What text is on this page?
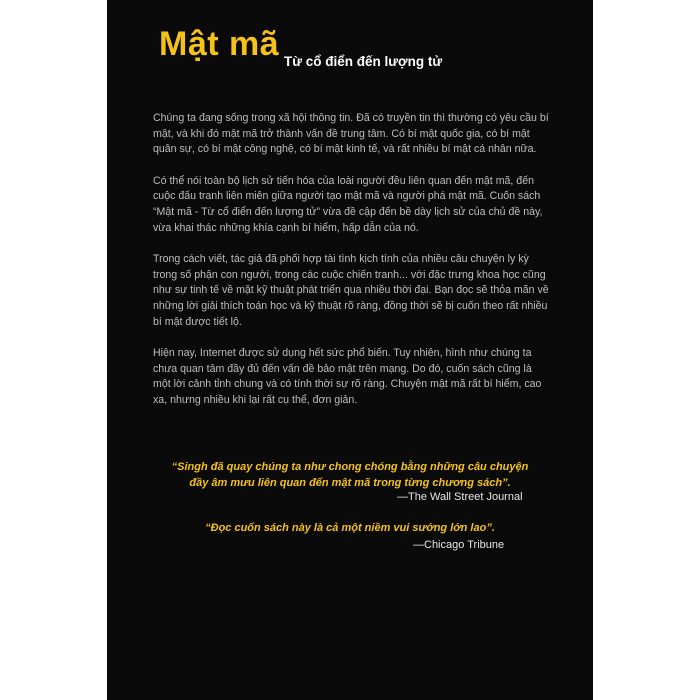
Mật mã Từ cổ điển đến lượng tử

Chúng ta đang sống trong xã hội thông tin. Đã có truyền tin thì thường có yêu cầu bí mật, và khi đó mật mã trở thành vấn đề trung tâm. Có bí mật quốc gia, có bí mật quân sự, có bí mật công nghệ, có bí mật kinh tế, và rất nhiều bí mật cá nhân nữa.

Có thể nói toàn bộ lịch sử tiến hóa của loài người đều liên quan đến mật mã, đến cuộc đấu tranh liên miên giữa người tạo mật mã và người phá mật mã. Cuốn sách “Mật mã - Từ cổ điển đến lượng tử” vừa đề cập đến bề dày lịch sử của chủ đề này, vừa khai thác những khía cạnh bí hiểm, hấp dẫn của nó.

Trong cách viết, tác giả đã phối hợp tài tình kịch tính của nhiều câu chuyện ly kỳ trong số phận con người, trong các cuộc chiến tranh... với đặc trưng khoa học cũng như sự tinh tế về mặt kỹ thuật phát triển qua nhiều thời đại. Bạn đọc sẽ thỏa mãn về những lời giải thích toán học và kỹ thuật rõ ràng, đồng thời sẽ bị cuốn theo rất nhiều bí mật được tiết lộ.

Hiện nay, Internet được sử dụng hết sức phổ biến. Tuy nhiên, hình như chúng ta chưa quan tâm đầy đủ đến vấn đề bảo mật trên mạng. Do đó, cuốn sách cũng là một lời cảnh tỉnh chung và có tính thời sự rõ ràng. Chuyện mật mã rất bí hiểm, cao xa, nhưng nhiều khi lại rất cụ thể, đơn giản.

“Singh đã quay chúng ta như chong chóng bằng những câu chuyện đầy âm mưu liên quan đến mật mã trong từng chương sách”.
—The Wall Street Journal
“Đọc cuốn sách này là cả một niềm vui sướng lớn lao”.
—Chicago Tribune
